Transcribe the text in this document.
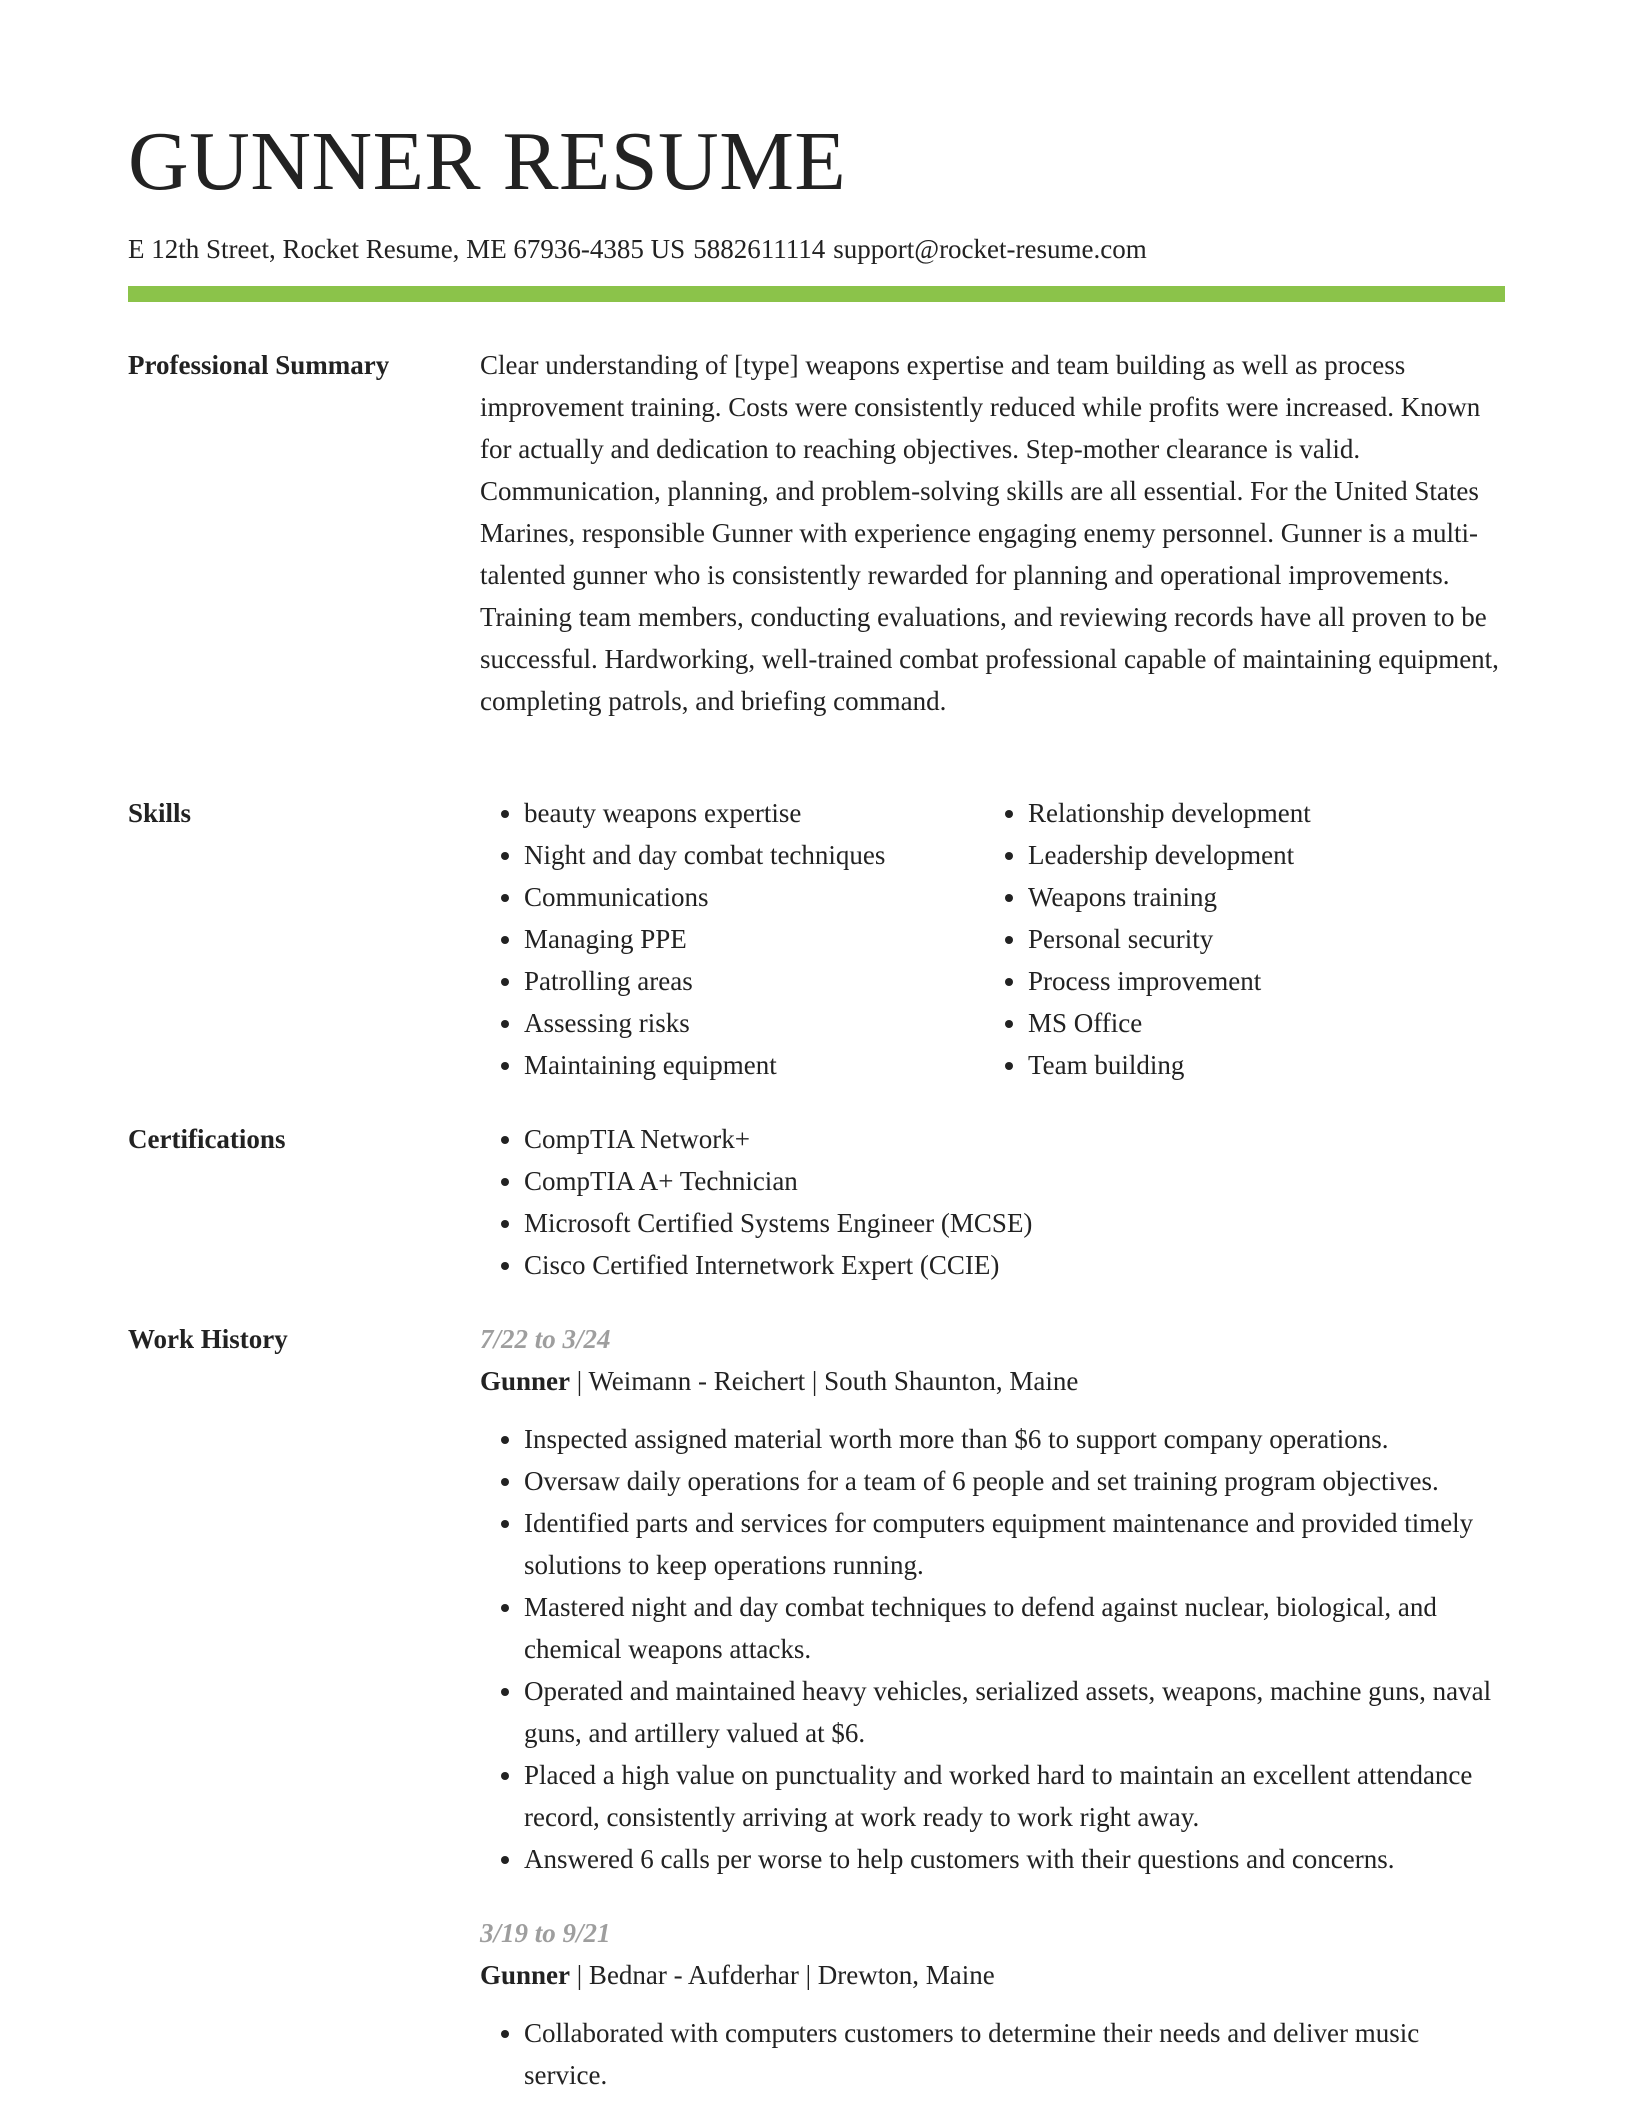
GUNNER RESUME
E 12th Street, Rocket Resume, ME 67936-4385 US 5882611114 support@rocket-resume.com
Professional Summary	Clear understanding of [type] weapons expertise and team building as well as process improvement training. Costs were consistently reduced while profits were increased. Known for actually and dedication to reaching objectives. Step-mother clearance is valid. Communication, planning, and problem-solving skills are all essential. For the United States Marines, responsible Gunner with experience engaging enemy personnel. Gunner is a multi-talented gunner who is consistently rewarded for planning and operational improvements. Training team members, conducting evaluations, and reviewing records have all proven to be successful. Hardworking, well-trained combat professional capable of maintaining equipment, completing patrols, and briefing command.

Skills	• beauty weapons expertise
• Night and day combat techniques
• Communications
• Managing PPE
• Patrolling areas
• Assessing risks
• Maintaining equipment
• Relationship development
• Leadership development
• Weapons training
• Personal security
• Process improvement
• MS Office
• Team building
Certifications	• CompTIA Network+
• CompTIA A+ Technician
• Microsoft Certified Systems Engineer (MCSE)
• Cisco Certified Internetwork Expert (CCIE)
Work History	7/22 to 3/24
Gunner | Weimann - Reichert | South Shaunton, Maine
• Inspected assigned material worth more than $6 to support company operations.
• Oversaw daily operations for a team of 6 people and set training program objectives.
• Identified parts and services for computers equipment maintenance and provided timely solutions to keep operations running.
• Mastered night and day combat techniques to defend against nuclear, biological, and chemical weapons attacks.
• Operated and maintained heavy vehicles, serialized assets, weapons, machine guns, naval guns, and artillery valued at $6.
• Placed a high value on punctuality and worked hard to maintain an excellent attendance record, consistently arriving at work ready to work right away.
• Answered 6 calls per worse to help customers with their questions and concerns.
3/19 to 9/21
Gunner | Bednar - Aufderhar | Drewton, Maine
• Collaborated with computers customers to determine their needs and deliver music service.
